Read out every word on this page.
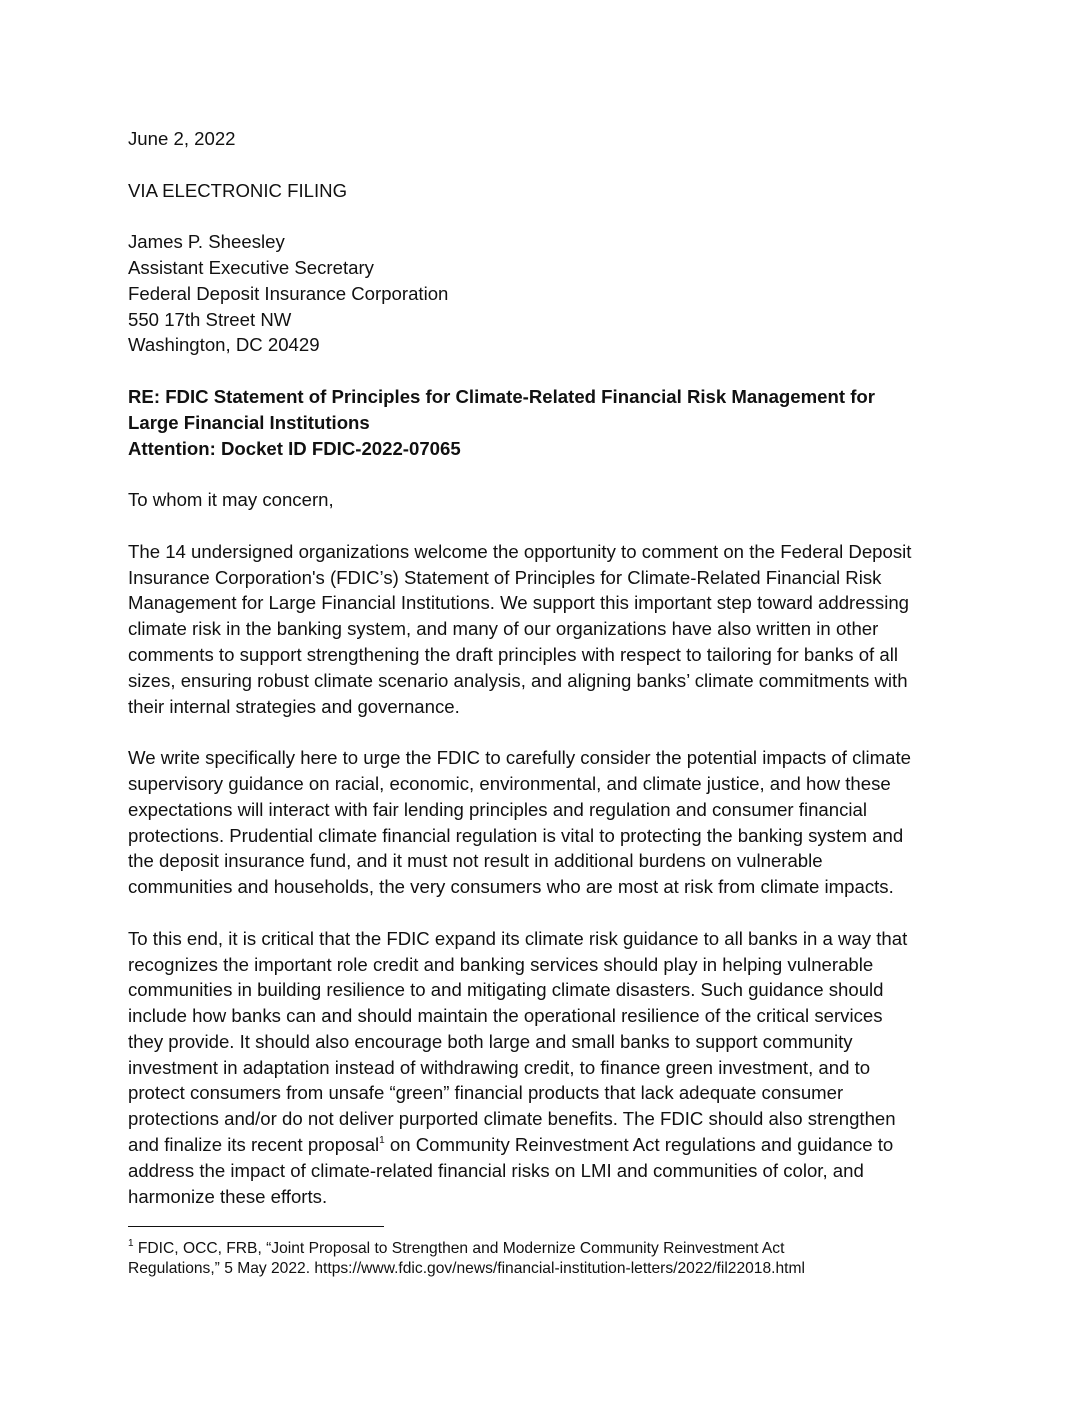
June 2, 2022

VIA ELECTRONIC FILING

James P. Sheesley
Assistant Executive Secretary
Federal Deposit Insurance Corporation
550 17th Street NW
Washington, DC 20429
RE: FDIC Statement of Principles for Climate-Related Financial Risk Management for
Large Financial Institutions
Attention: Docket ID FDIC-2022-07065

To whom it may concern,

The 14 undersigned organizations welcome the opportunity to comment on the Federal Deposit
Insurance Corporation's (FDIC’s) Statement of Principles for Climate-Related Financial Risk
Management for Large Financial Institutions. We support this important step toward addressing
climate risk in the banking system, and many of our organizations have also written in other
comments to support strengthening the draft principles with respect to tailoring for banks of all
sizes, ensuring robust climate scenario analysis, and aligning banks’ climate commitments with
their internal strategies and governance.
We write specifically here to urge the FDIC to carefully consider the potential impacts of climate
supervisory guidance on racial, economic, environmental, and climate justice, and how these
expectations will interact with fair lending principles and regulation and consumer financial
protections. Prudential climate financial regulation is vital to protecting the banking system and
the deposit insurance fund, and it must not result in additional burdens on vulnerable
communities and households, the very consumers who are most at risk from climate impacts.
To this end, it is critical that the FDIC expand its climate risk guidance to all banks in a way that
recognizes the important role credit and banking services should play in helping vulnerable
communities in building resilience to and mitigating climate disasters. Such guidance should
include how banks can and should maintain the operational resilience of the critical services
they provide. It should also encourage both large and small banks to support community
investment in adaptation instead of withdrawing credit, to finance green investment, and to
protect consumers from unsafe “green” financial products that lack adequate consumer
protections and/or do not deliver purported climate benefits. The FDIC should also strengthen
and finalize its recent proposal$^1$ on Community Reinvestment Act regulations and guidance to
address the impact of climate-related financial risks on LMI and communities of color, and
harmonize these efforts.
$^1$ FDIC, OCC, FRB, “Joint Proposal to Strengthen and Modernize Community Reinvestment Act
Regulations,” 5 May 2022. https://www.fdic.gov/news/financial-institution-letters/2022/fil22018.html
